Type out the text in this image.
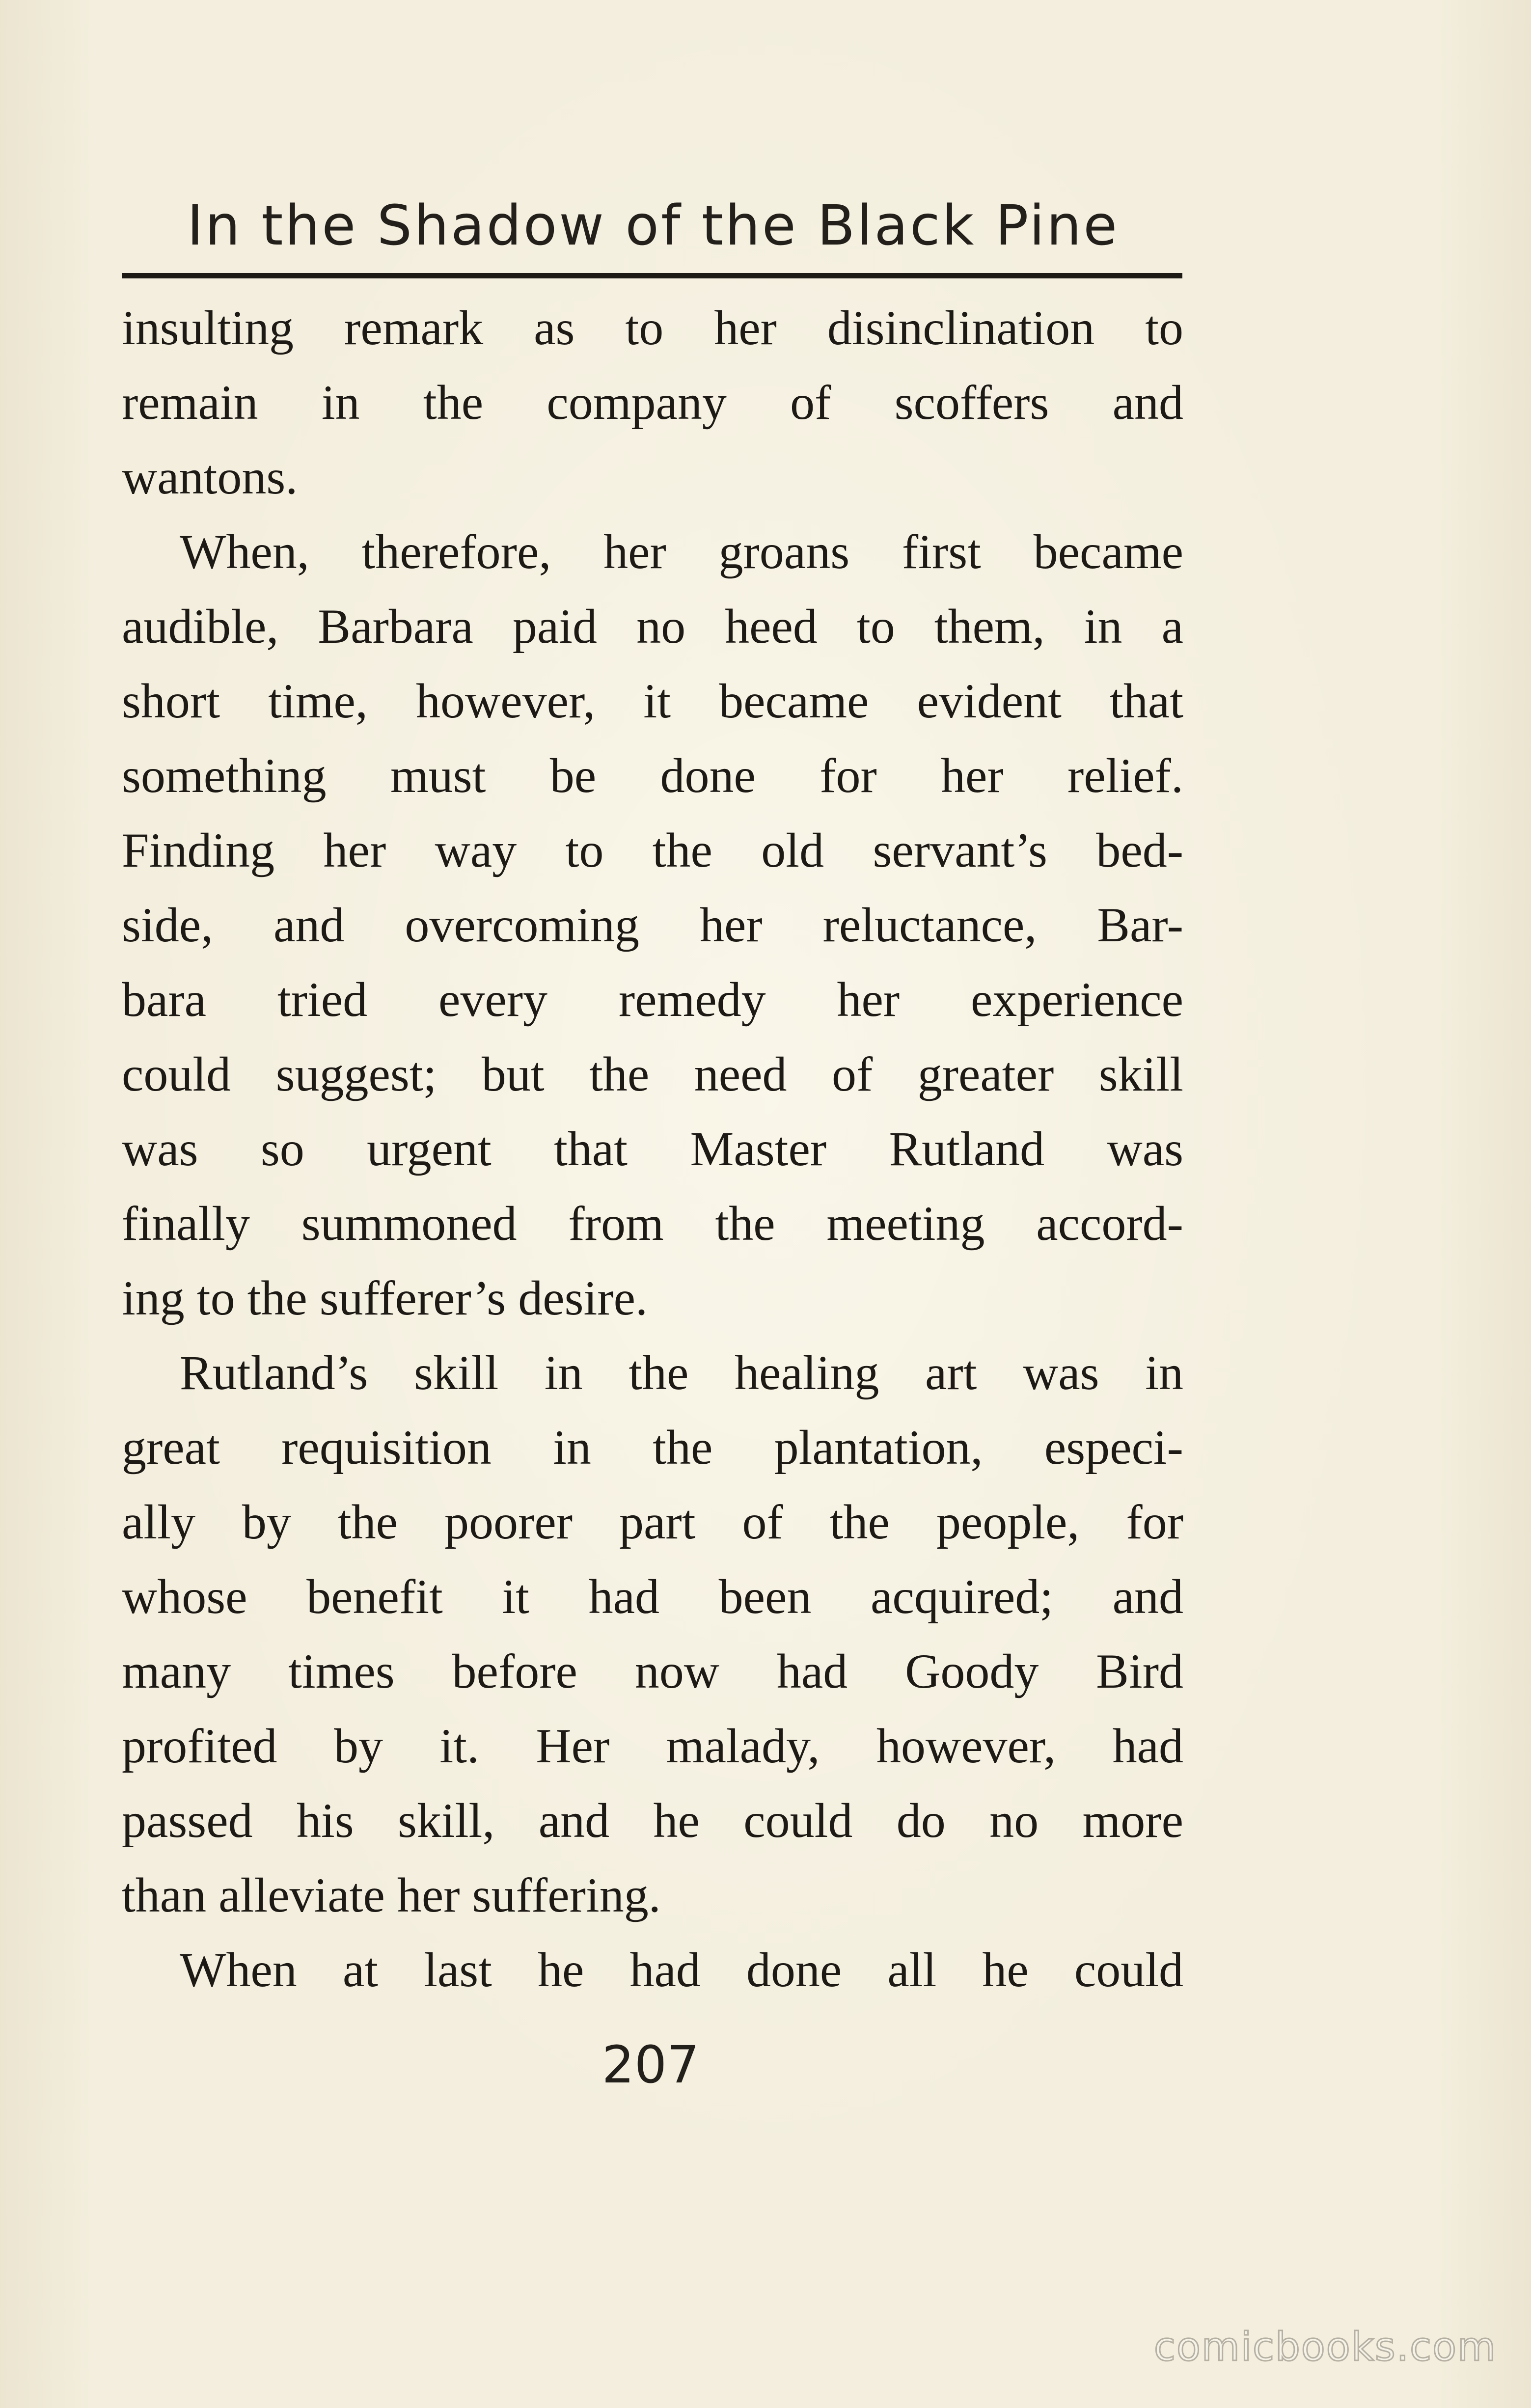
In the Shadow of the Black Pine
insulting remark as to her disinclination to
remain in the company of scoffers and
wantons.
When, therefore, her groans first became
audible, Barbara paid no heed to them, in a
short time, however, it became evident that
something must be done for her relief.
Finding her way to the old servant’s bed-
side, and overcoming her reluctance, Bar-
bara tried every remedy her experience
could suggest; but the need of greater skill
was so urgent that Master Rutland was
finally summoned from the meeting accord-
ing to the sufferer’s desire.
Rutland’s skill in the healing art was in
great requisition in the plantation, especi-
ally by the poorer part of the people, for
whose benefit it had been acquired; and
many times before now had Goody Bird
profited by it. Her malady, however, had
passed his skill, and he could do no more
than alleviate her suffering.
When at last he had done all he could
207
comicbooks.com
